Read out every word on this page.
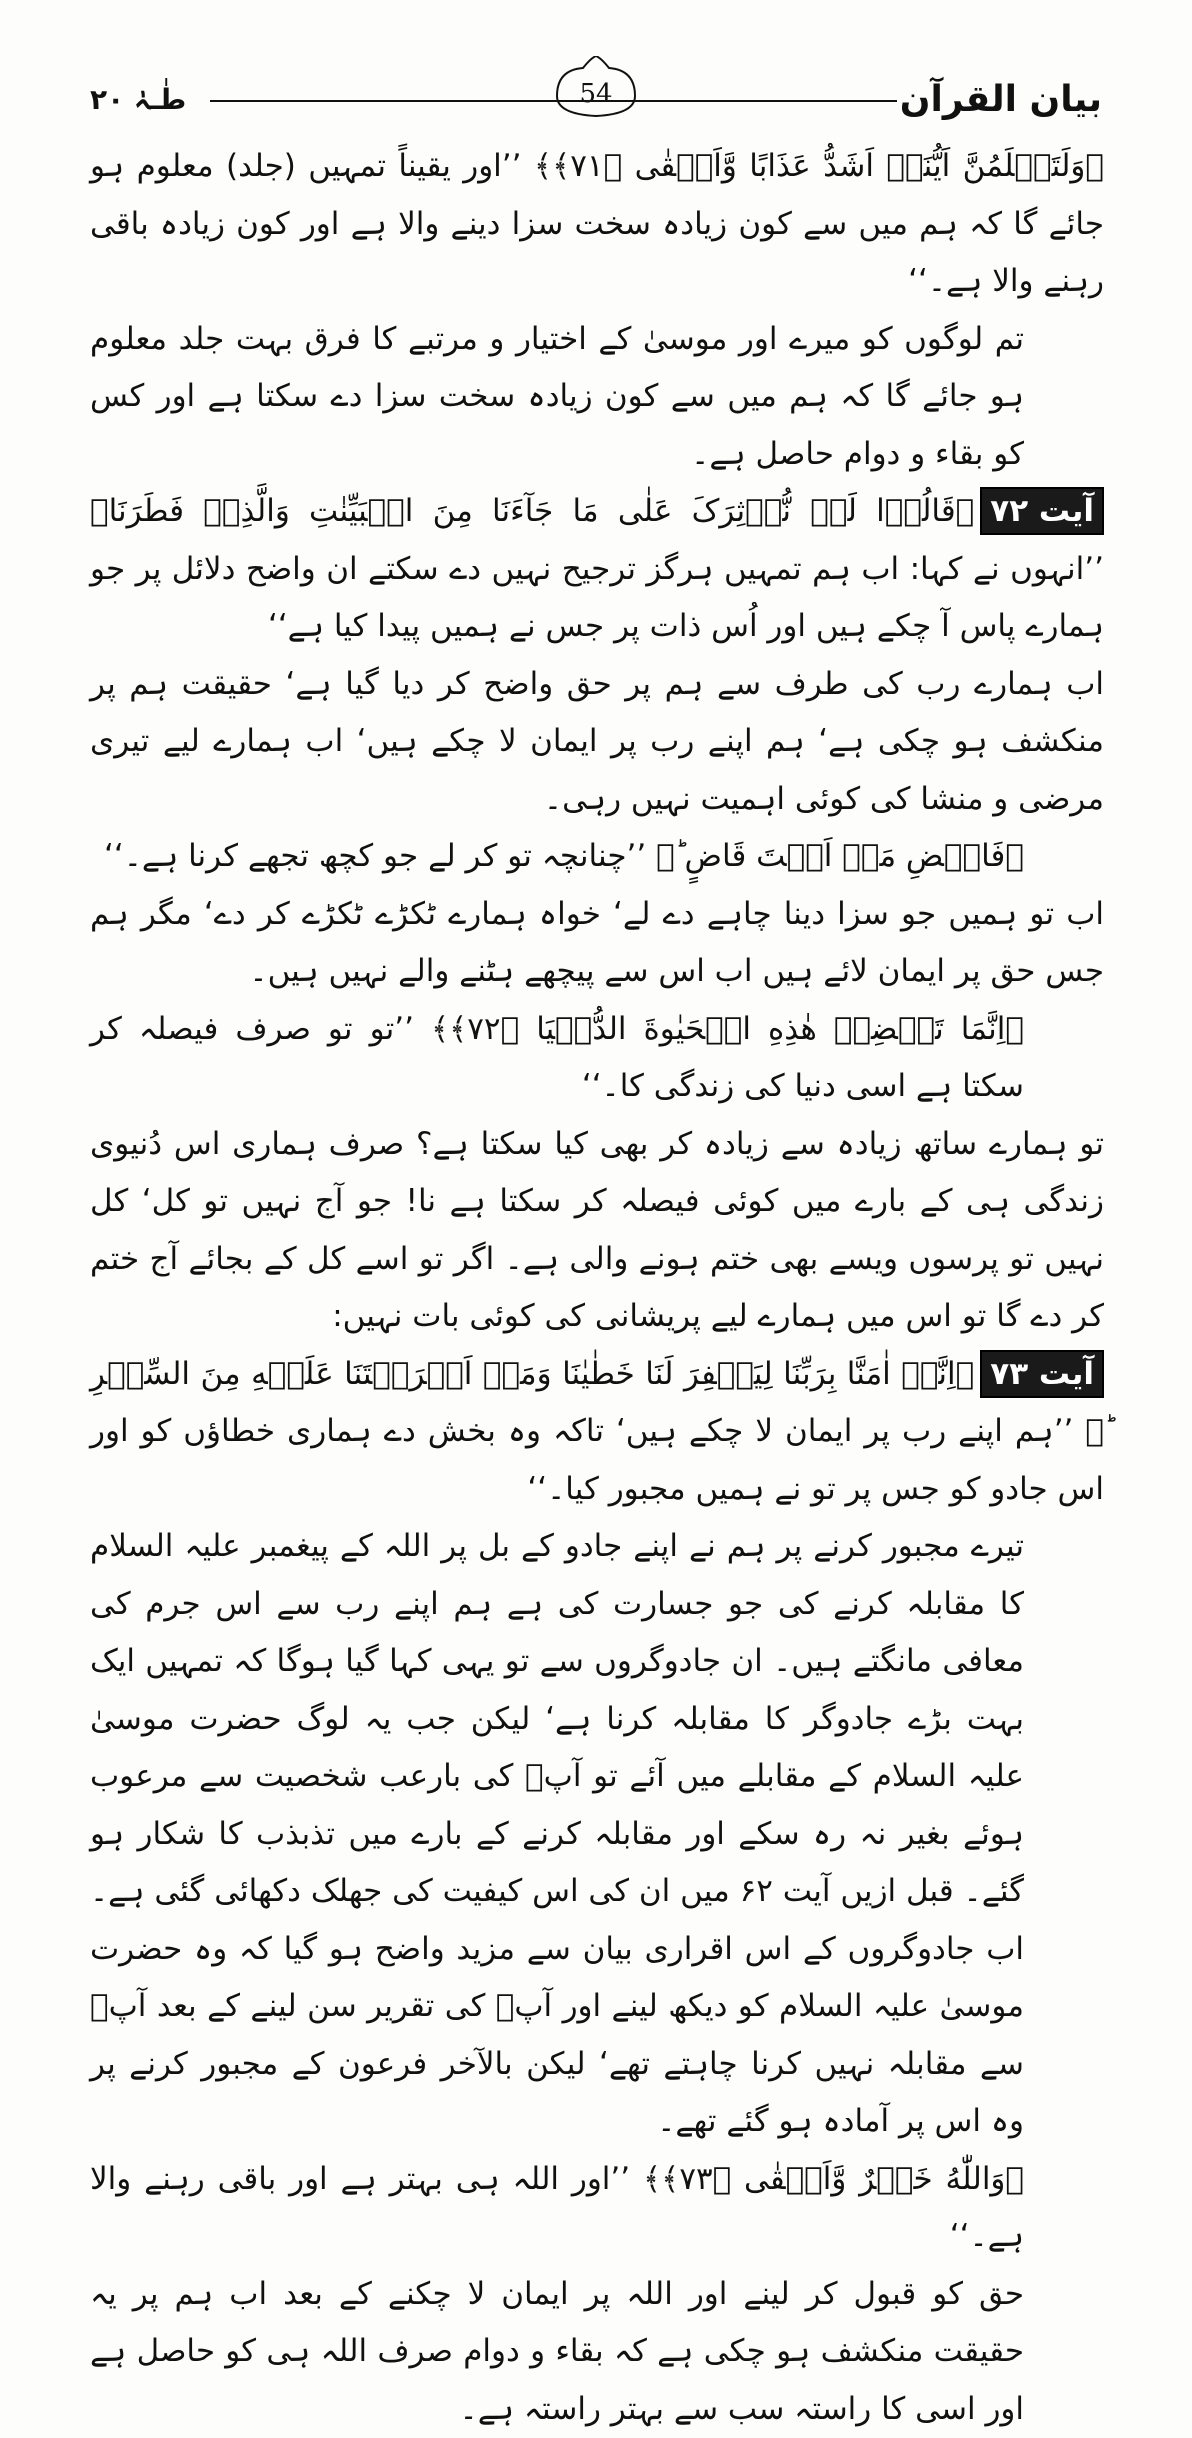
بیان القرآن
54
طٰـہٰ ۲۰

﴿وَلَتَعۡلَمُنَّ اَیُّنَاۤ اَشَدُّ عَذَابًا وَّاَبۡقٰی ﴿۷۱﴾﴾ ’’اور یقیناً تمہیں (جلد) معلوم ہو جائے گا کہ ہم میں سے کون زیادہ سخت سزا دینے والا ہے اور کون زیادہ باقی رہنے والا ہے۔‘‘

تم لوگوں کو میرے اور موسیٰ کے اختیار و مرتبے کا فرق بہت جلد معلوم ہو جائے گا کہ ہم میں سے کون زیادہ سخت سزا دے سکتا ہے اور کس کو بقاء و دوام حاصل ہے۔

آیت ۷۲﴿قَالُوۡا لَنۡ نُّؤۡثِرَکَ عَلٰی مَا جَآءَنَا مِنَ الۡبَیِّنٰتِ وَالَّذِیۡ فَطَرَنَا﴾ ’’انہوں نے کہا: اب ہم تمہیں ہرگز ترجیح نہیں دے سکتے ان واضح دلائل پر جو ہمارے پاس آ چکے ہیں اور اُس ذات پر جس نے ہمیں پیدا کیا ہے‘‘

اب ہمارے رب کی طرف سے ہم پر حق واضح کر دیا گیا ہے‘ حقیقت ہم پر منکشف ہو چکی ہے‘ ہم اپنے رب پر ایمان لا چکے ہیں‘ اب ہمارے لیے تیری مرضی و منشا کی کوئی اہمیت نہیں رہی۔

﴿فَاقۡضِ مَاۤ اَنۡتَ قَاضٍ ؕ﴾ ’’چنانچہ تو کر لے جو کچھ تجھے کرنا ہے۔‘‘

اب تو ہمیں جو سزا دینا چاہے دے لے‘ خواہ ہمارے ٹکڑے ٹکڑے کر دے‘ مگر ہم جس حق پر ایمان لائے ہیں اب اس سے پیچھے ہٹنے والے نہیں ہیں۔

﴿اِنَّمَا تَقۡضِیۡ هٰذِهِ الۡحَیٰوةَ الدُّنۡیَا ﴿۷۲﴾﴾ ’’تو تو صرف فیصلہ کر سکتا ہے اسی دنیا کی زندگی کا۔‘‘

تو ہمارے ساتھ زیادہ سے زیادہ کر بھی کیا سکتا ہے؟ صرف ہماری اس دُنیوی زندگی ہی کے بارے میں کوئی فیصلہ کر سکتا ہے نا! جو آج نہیں تو کل‘ کل نہیں تو پرسوں ویسے بھی ختم ہونے والی ہے۔ اگر تو اسے کل کے بجائے آج ختم کر دے گا تو اس میں ہمارے لیے پریشانی کی کوئی بات نہیں:

آیت ۷۳﴿اِنَّاۤ اٰمَنَّا بِرَبِّنَا لِیَغۡفِرَ لَنَا خَطٰیٰنَا وَمَاۤ اَکۡرَهۡتَنَا عَلَیۡهِ مِنَ السِّحۡرِ ﴾ ’’ہم اپنے رب پر ایمان لا چکے ہیں‘ تاکہ وہ بخش دے ہماری خطاؤں کو اور اس جادو کو جس پر تو نے ہمیں مجبور کیا۔‘‘

تیرے مجبور کرنے پر ہم نے اپنے جادو کے بل پر اللہ کے پیغمبر علیہ السلام کا مقابلہ کرنے کی جو جسارت کی ہے ہم اپنے رب سے اس جرم کی معافی مانگتے ہیں۔ ان جادوگروں سے تو یہی کہا گیا ہوگا کہ تمہیں ایک بہت بڑے جادوگر کا مقابلہ کرنا ہے‘ لیکن جب یہ لوگ حضرت موسیٰ علیہ السلام کے مقابلے میں آئے تو آپؑ کی بارعب شخصیت سے مرعوب ہوئے بغیر نہ رہ سکے اور مقابلہ کرنے کے بارے میں تذبذب کا شکار ہو گئے۔ قبل ازیں آیت ۶۲ میں ان کی اس کیفیت کی جھلک دکھائی گئی ہے۔ اب جادوگروں کے اس اقراری بیان سے مزید واضح ہو گیا کہ وہ حضرت موسیٰ علیہ السلام کو دیکھ لینے اور آپؑ کی تقریر سن لینے کے بعد آپؑ سے مقابلہ نہیں کرنا چاہتے تھے‘ لیکن بالآخر فرعون کے مجبور کرنے پر وہ اس پر آمادہ ہو گئے تھے۔

﴿وَاللّٰهُ خَیۡرٌ وَّاَبۡقٰی ﴿۷۳﴾﴾ ’’اور اللہ ہی بہتر ہے اور باقی رہنے والا ہے۔‘‘

حق کو قبول کر لینے اور اللہ پر ایمان لا چکنے کے بعد اب ہم پر یہ حقیقت منکشف ہو چکی ہے کہ بقاء و دوام صرف اللہ ہی کو حاصل ہے اور اسی کا راستہ سب سے بہتر راستہ ہے۔
